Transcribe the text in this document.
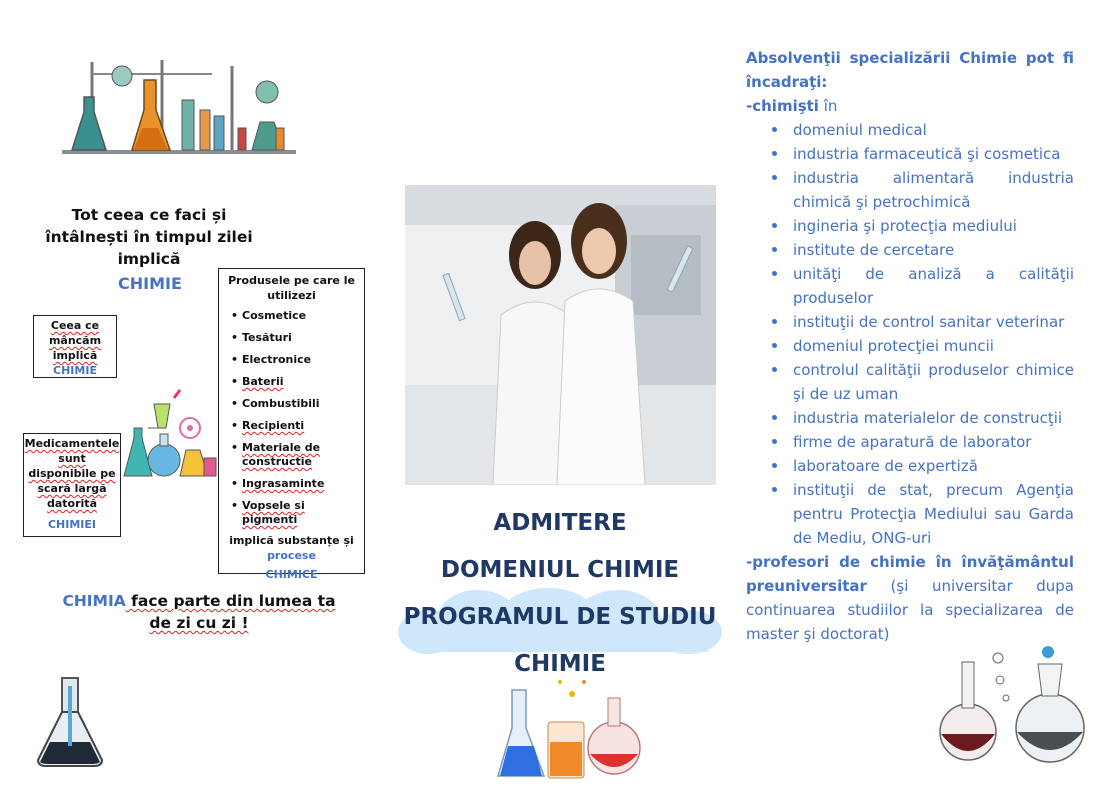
Tot ceea ce faci și întâlnești în timpul zilei implică
CHIMIE
Ceea ce mâncăm implică
CHIMIE
Medicamentele sunt disponibile pe scară largă datorită
CHIMIEI
Produsele pe care le utilizezi
• Cosmetice
• Tesăturі
• Electronice
• Baterii
• Combustibili
• Recipienti
• Materiale de constructie
• Ingrasaminte
• Vopsele si pigmenti
implică substanțe și
procese
CHIMICE
CHIMIA face parte din lumea ta de zi cu zi !
ADMITERE
DOMENIUL CHIMIE
PROGRAMUL DE STUDIU
CHIMIE
Absolvenţii specializării Chimie pot fi încadraţi:
-chimişti în
domeniul medical
industria farmaceutică şi cosmetica
industria alimentară industria chimică şi petrochimică
ingineria şi protecţia mediului
institute de cercetare
unităţi de analiză a calităţii produselor
instituţii de control sanitar veterinar
domeniul protecţiei muncii
controlul calităţii produselor chimice şi de uz uman
industria materialelor de construcţii
firme de aparatură de laborator
laboratoare de expertiză
instituţii de stat, precum Agenţia pentru Protecţia Mediului sau Garda de Mediu, ONG-uri
-profesori de chimie în învăţământul preuniversitar (şi universitar dupa continuarea studiilor la specializarea de master şi doctorat)
